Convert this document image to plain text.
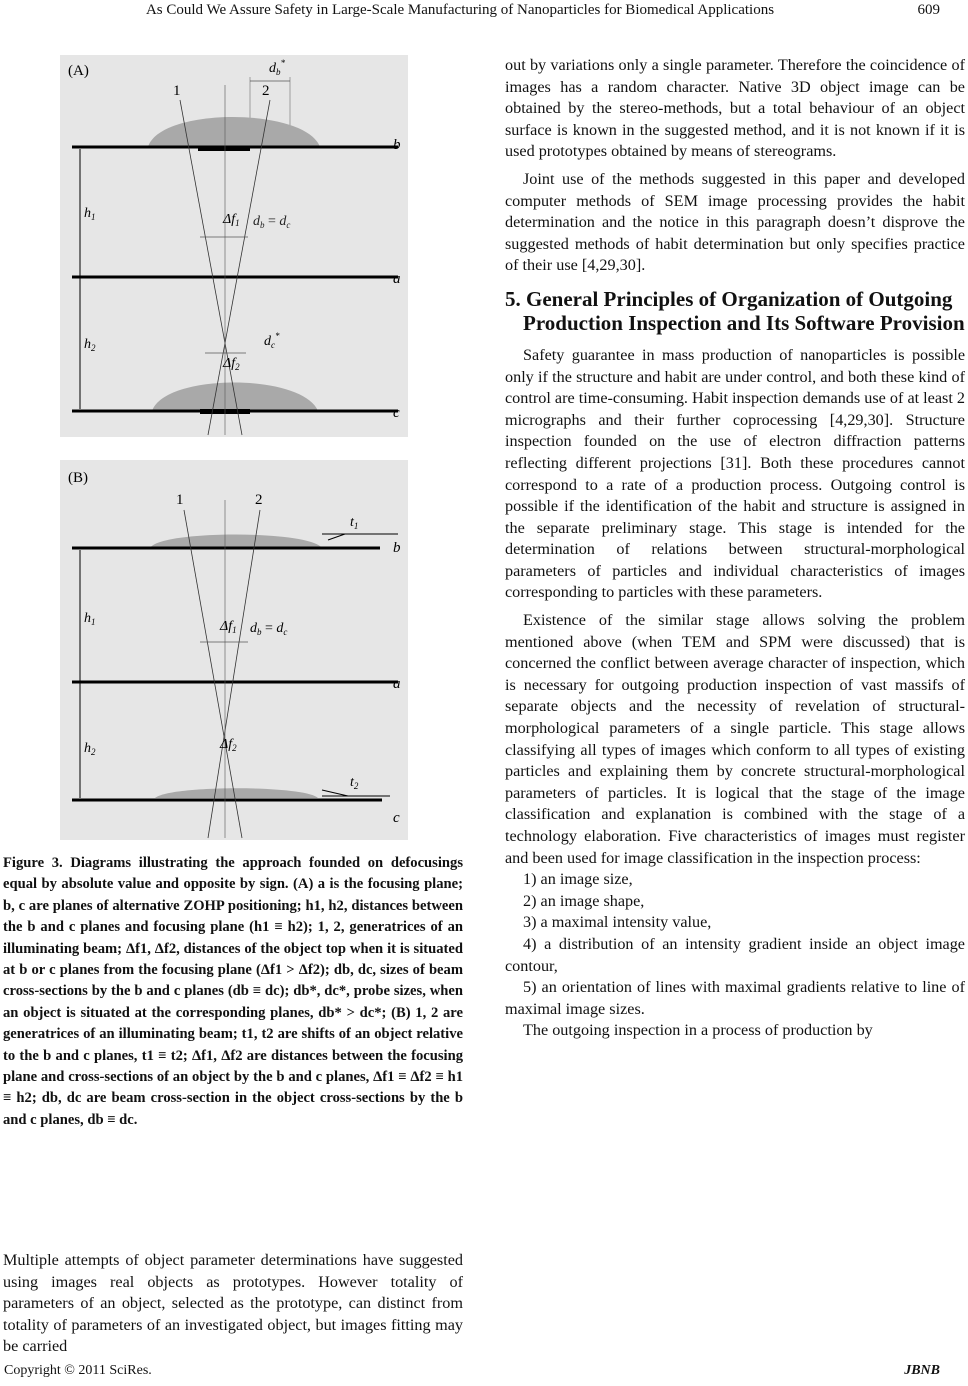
As Could We Assure Safety in Large-Scale Manufacturing of Nanoparticles for Biomedical Applications	609
(A)
1	2
$d_b^*$
b
a
c
$h_1$
$h_2$
$\Delta f_1$
$\Delta f_2$
$d_b = d_c$
$d_c^*$
(B)
1	2
b
$t_1$
a
c
$t_2$
$h_1$
$h_2$
$\Delta f_1$
$\Delta f_2$
$d_b = d_c$
Figure 3. Diagrams illustrating the approach founded on defocusings equal by absolute value and opposite by sign. (A) a is the focusing plane; b, c are planes of alternative ZOHP positioning; h1, h2, distances between the b and c planes and focusing plane (h1 ≡ h2); 1, 2, generatrices of an illuminating beam; Δf1, Δf2, distances of the object top when it is situated at b or c planes from the focusing plane (Δf1 > Δf2); db, dc, sizes of beam cross-sections by the b and c planes (db ≡ dc); db*, dc*, probe sizes, when an object is situated at the corresponding planes, db* > dc*; (B) 1, 2 are generatrices of an illuminating beam; t1, t2 are shifts of an object relative to the b and c planes, t1 ≡ t2; Δf1, Δf2 are distances between the focusing plane and cross-sections of an object by the b and c planes, Δf1 ≡ Δf2 ≡ h1 ≡ h2; db, dc are beam cross-section in the object cross-sections by the b and c planes, db ≡ dc.

Multiple attempts of object parameter determinations have suggested using images real objects as prototypes. However totality of parameters of an object, selected as the prototype, can distinct from totality of parameters of an investigated object, but images fitting may be carried

out by variations only a single parameter. Therefore the coincidence of images has a random character. Native 3D object image can be obtained by the stereo-methods, but a total behaviour of an object surface is known in the suggested method, and it is not known if it is used prototypes obtained by means of stereograms.

Joint use of the methods suggested in this paper and developed computer methods of SEM image processing provides the habit determination and the notice in this paragraph doesn’t disprove the suggested methods of habit determination but only specifies practice of their use [4,29,30].

5. General Principles of Organization of Outgoing Production Inspection and Its Software Provision

Safety guarantee in mass production of nanoparticles is possible only if the structure and habit are under control, and both these kind of control are time-consuming. Habit inspection demands use of at least 2 micrographs and their further coprocessing [4,29,30]. Structure inspection founded on the use of electron diffraction patterns reflecting different projections [31]. Both these procedures cannot correspond to a rate of a production process. Outgoing control is possible if the identification of the habit and structure is assigned in the separate preliminary stage. This stage is intended for the determination of relations between structural-morphological parameters of particles and individual characteristics of images corresponding to particles with these parameters.

Existence of the similar stage allows solving the problem mentioned above (when TEM and SPM were discussed) that is concerned the conflict between average character of inspection, which is necessary for outgoing production inspection of vast massifs of separate objects and the necessity of revelation of structural-morphological parameters of a single particle. This stage allows classifying all types of images which conform to all types of existing particles and explaining them by concrete structural-morphological parameters of particles. It is logical that the stage of the image classification and explanation is combined with the stage of a technology elaboration. Five characteristics of images must register and been used for image classification in the inspection process:

1) an image size,
2) an image shape,
3) a maximal intensity value,
4) a distribution of an intensity gradient inside an object image contour,
5) an orientation of lines with maximal gradients relative to line of maximal image sizes.

The outgoing inspection in a process of production by

Copyright © 2011 SciRes.	JBNB
